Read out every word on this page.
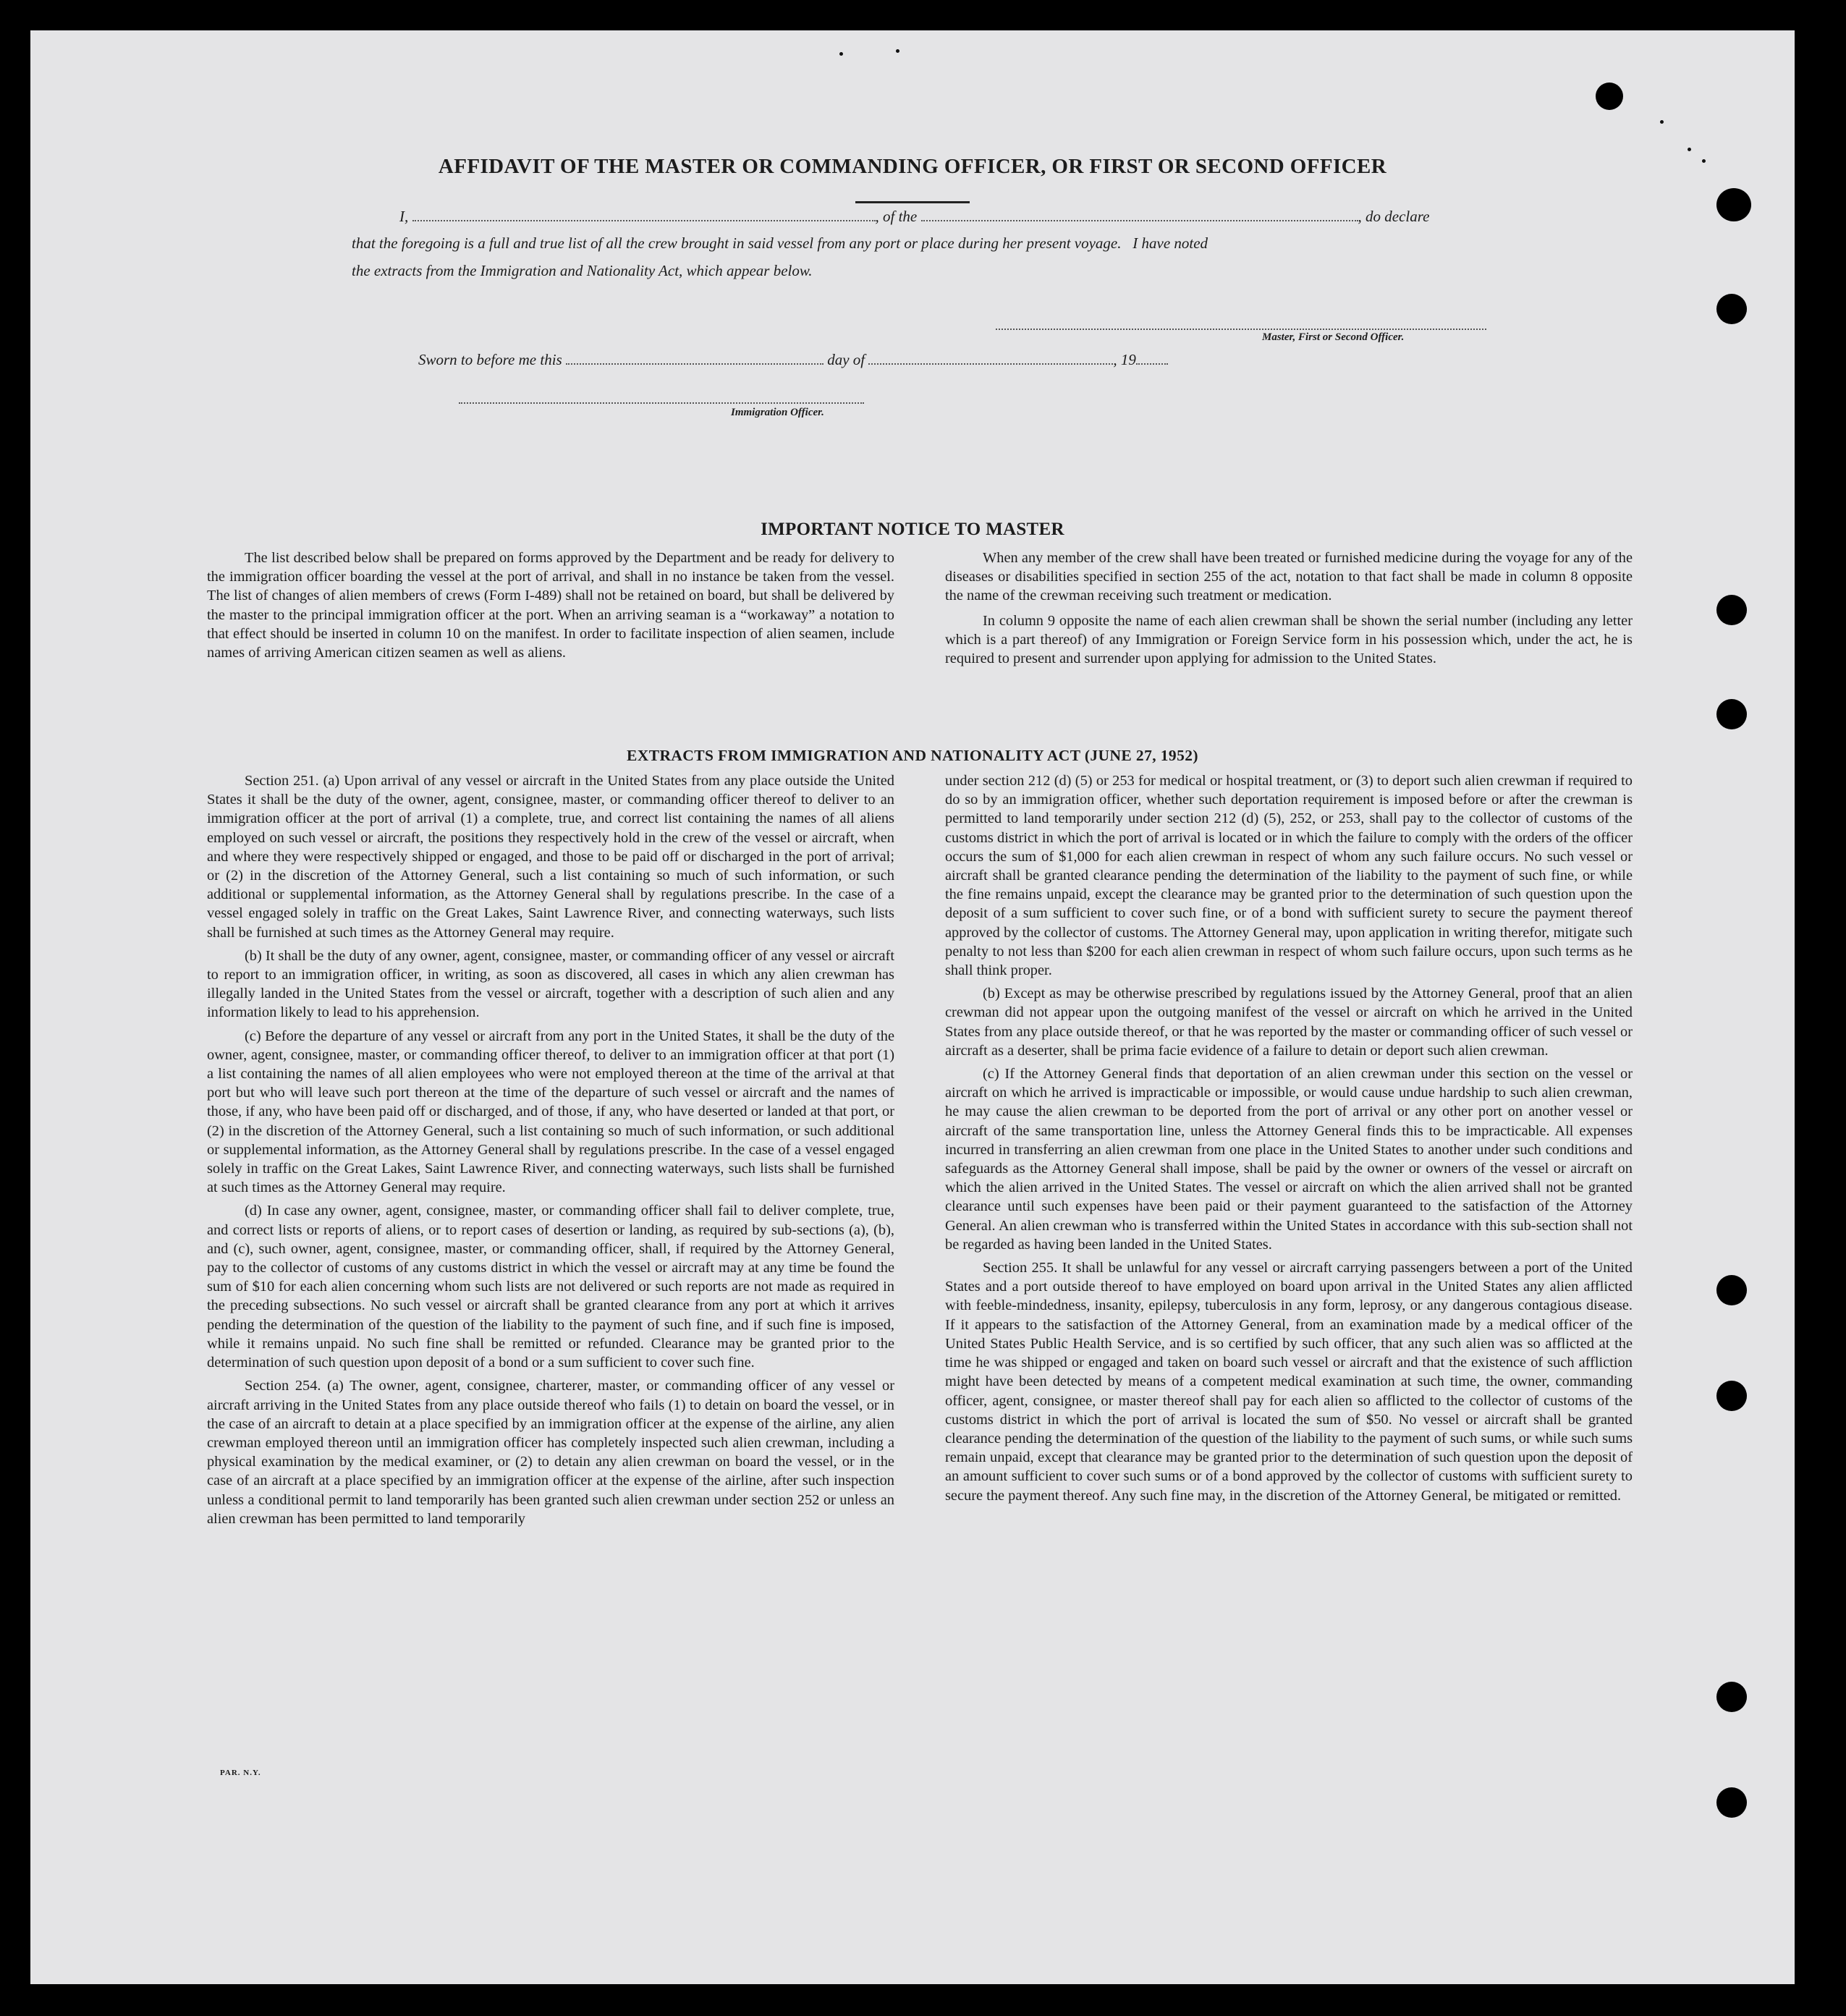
AFFIDAVIT OF THE MASTER OR COMMANDING OFFICER, OR FIRST OR SECOND OFFICER
I,	, of the	, do declare
that the foregoing is a full and true list of all the crew brought in said vessel from any port or place during her present voyage.   I have noted
the extracts from the Immigration and Nationality Act, which appear below.
Master, First or Second Officer.
Sworn to before me this	day of	, 19
Immigration Officer.
IMPORTANT NOTICE TO MASTER

The list described below shall be prepared on forms approved by the Department and be ready for delivery to the immigration officer boarding the vessel at the port of arrival, and shall in no instance be taken from the vessel. The list of changes of alien members of crews (Form I-489) shall not be retained on board, but shall be delivered by the master to the principal immigration officer at the port. When an arriving seaman is a “workaway” a notation to that effect should be inserted in column 10 on the manifest. In order to facilitate inspection of alien seamen, include names of arriving American citizen seamen as well as aliens.

When any member of the crew shall have been treated or furnished medicine during the voyage for any of the diseases or disabilities specified in section 255 of the act, notation to that fact shall be made in column 8 opposite the name of the crewman receiving such treatment or medication.

In column 9 opposite the name of each alien crewman shall be shown the serial number (including any letter which is a part thereof) of any Immigration or Foreign Service form in his possession which, under the act, he is required to present and surrender upon applying for admission to the United States.

EXTRACTS FROM IMMIGRATION AND NATIONALITY ACT (JUNE 27, 1952)

Section 251. (a) Upon arrival of any vessel or aircraft in the United States from any place outside the United States it shall be the duty of the owner, agent, consignee, master, or commanding officer thereof to deliver to an immigration officer at the port of arrival (1) a complete, true, and correct list containing the names of all aliens employed on such vessel or aircraft, the positions they respectively hold in the crew of the vessel or aircraft, when and where they were respectively shipped or engaged, and those to be paid off or discharged in the port of arrival; or (2) in the discretion of the Attorney General, such a list containing so much of such information, or such additional or supplemental information, as the Attorney General shall by regulations prescribe. In the case of a vessel engaged solely in traffic on the Great Lakes, Saint Lawrence River, and connecting waterways, such lists shall be furnished at such times as the Attorney General may require.

(b) It shall be the duty of any owner, agent, consignee, master, or commanding officer of any vessel or aircraft to report to an immigration officer, in writing, as soon as discovered, all cases in which any alien crewman has illegally landed in the United States from the vessel or aircraft, together with a description of such alien and any information likely to lead to his apprehension.

(c) Before the departure of any vessel or aircraft from any port in the United States, it shall be the duty of the owner, agent, consignee, master, or commanding officer thereof, to deliver to an immigration officer at that port (1) a list containing the names of all alien employees who were not employed thereon at the time of the arrival at that port but who will leave such port thereon at the time of the departure of such vessel or aircraft and the names of those, if any, who have been paid off or discharged, and of those, if any, who have deserted or landed at that port, or (2) in the discretion of the Attorney General, such a list containing so much of such information, or such additional or supplemental information, as the Attorney General shall by regulations prescribe. In the case of a vessel engaged solely in traffic on the Great Lakes, Saint Lawrence River, and connecting waterways, such lists shall be furnished at such times as the Attorney General may require.

(d) In case any owner, agent, consignee, master, or commanding officer shall fail to deliver complete, true, and correct lists or reports of aliens, or to report cases of desertion or landing, as required by sub-sections (a), (b), and (c), such owner, agent, consignee, master, or commanding officer, shall, if required by the Attorney General, pay to the collector of customs of any customs district in which the vessel or aircraft may at any time be found the sum of $10 for each alien concerning whom such lists are not delivered or such reports are not made as required in the preceding subsections. No such vessel or aircraft shall be granted clearance from any port at which it arrives pending the determination of the question of the liability to the payment of such fine, and if such fine is imposed, while it remains unpaid. No such fine shall be remitted or refunded. Clearance may be granted prior to the determination of such question upon deposit of a bond or a sum sufficient to cover such fine.

Section 254. (a) The owner, agent, consignee, charterer, master, or commanding officer of any vessel or aircraft arriving in the United States from any place outside thereof who fails (1) to detain on board the vessel, or in the case of an aircraft to detain at a place specified by an immigration officer at the expense of the airline, any alien crewman employed thereon until an immigration officer has completely inspected such alien crewman, including a physical examination by the medical examiner, or (2) to detain any alien crewman on board the vessel, or in the case of an aircraft at a place specified by an immigration officer at the expense of the airline, after such inspection unless a conditional permit to land temporarily has been granted such alien crewman under section 252 or unless an alien crewman has been permitted to land temporarily

under section 212 (d) (5) or 253 for medical or hospital treatment, or (3) to deport such alien crewman if required to do so by an immigration officer, whether such deportation requirement is imposed before or after the crewman is permitted to land temporarily under section 212 (d) (5), 252, or 253, shall pay to the collector of customs of the customs district in which the port of arrival is located or in which the failure to comply with the orders of the officer occurs the sum of $1,000 for each alien crewman in respect of whom any such failure occurs. No such vessel or aircraft shall be granted clearance pending the determination of the liability to the payment of such fine, or while the fine remains unpaid, except the clearance may be granted prior to the determination of such question upon the deposit of a sum sufficient to cover such fine, or of a bond with sufficient surety to secure the payment thereof approved by the collector of customs. The Attorney General may, upon application in writing therefor, mitigate such penalty to not less than $200 for each alien crewman in respect of whom such failure occurs, upon such terms as he shall think proper.

(b) Except as may be otherwise prescribed by regulations issued by the Attorney General, proof that an alien crewman did not appear upon the outgoing manifest of the vessel or aircraft on which he arrived in the United States from any place outside thereof, or that he was reported by the master or commanding officer of such vessel or aircraft as a deserter, shall be prima facie evidence of a failure to detain or deport such alien crewman.

(c) If the Attorney General finds that deportation of an alien crewman under this section on the vessel or aircraft on which he arrived is impracticable or impossible, or would cause undue hardship to such alien crewman, he may cause the alien crewman to be deported from the port of arrival or any other port on another vessel or aircraft of the same transportation line, unless the Attorney General finds this to be impracticable. All expenses incurred in transferring an alien crewman from one place in the United States to another under such conditions and safeguards as the Attorney General shall impose, shall be paid by the owner or owners of the vessel or aircraft on which the alien arrived in the United States. The vessel or aircraft on which the alien arrived shall not be granted clearance until such expenses have been paid or their payment guaranteed to the satisfaction of the Attorney General. An alien crewman who is transferred within the United States in accordance with this sub-section shall not be regarded as having been landed in the United States.

Section 255. It shall be unlawful for any vessel or aircraft carrying passengers between a port of the United States and a port outside thereof to have employed on board upon arrival in the United States any alien afflicted with feeble-mindedness, insanity, epilepsy, tuberculosis in any form, leprosy, or any dangerous contagious disease. If it appears to the satisfaction of the Attorney General, from an examination made by a medical officer of the United States Public Health Service, and is so certified by such officer, that any such alien was so afflicted at the time he was shipped or engaged and taken on board such vessel or aircraft and that the existence of such affliction might have been detected by means of a competent medical examination at such time, the owner, commanding officer, agent, consignee, or master thereof shall pay for each alien so afflicted to the collector of customs of the customs district in which the port of arrival is located the sum of $50. No vessel or aircraft shall be granted clearance pending the determination of the question of the liability to the payment of such sums, or while such sums remain unpaid, except that clearance may be granted prior to the determination of such question upon the deposit of an amount sufficient to cover such sums or of a bond approved by the collector of customs with sufficient surety to secure the payment thereof. Any such fine may, in the discretion of the Attorney General, be mitigated or remitted.

PAR. N.Y.
